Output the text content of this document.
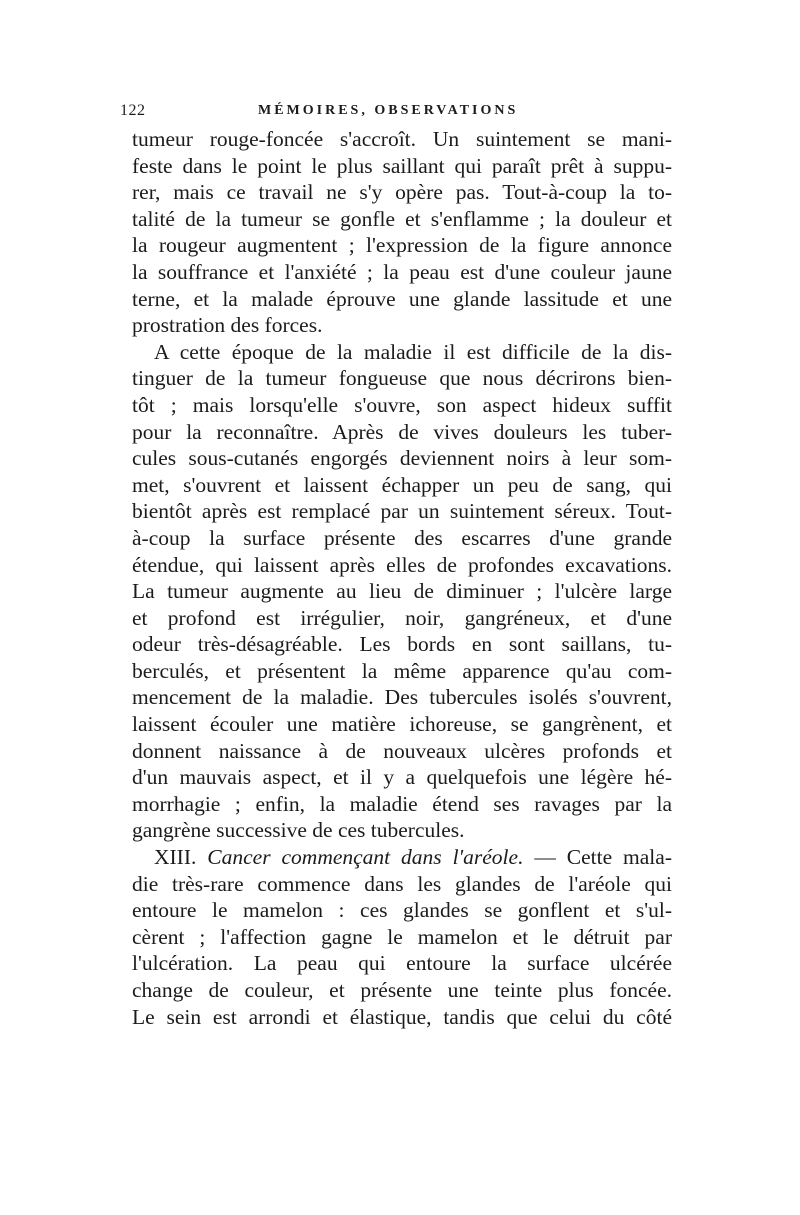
122	MÉMOIRES, OBSERVATIONS
tumeur rouge-foncée s'accroît. Un suintement se mani-
feste dans le point le plus saillant qui paraît prêt à suppu-
rer, mais ce travail ne s'y opère pas. Tout-à-coup la to-
talité de la tumeur se gonfle et s'enflamme ; la douleur et
la rougeur augmentent ; l'expression de la figure annonce
la souffrance et l'anxiété ; la peau est d'une couleur jaune
terne, et la malade éprouve une glande lassitude et une
prostration des forces.
A cette époque de la maladie il est difficile de la dis-
tinguer de la tumeur fongueuse que nous décrirons bien-
tôt ; mais lorsqu'elle s'ouvre, son aspect hideux suffit
pour la reconnaître. Après de vives douleurs les tuber-
cules sous-cutanés engorgés deviennent noirs à leur som-
met, s'ouvrent et laissent échapper un peu de sang, qui
bientôt après est remplacé par un suintement séreux. Tout-
à-coup la surface présente des escarres d'une grande
étendue, qui laissent après elles de profondes excavations.
La tumeur augmente au lieu de diminuer ; l'ulcère large
et profond est irrégulier, noir, gangréneux, et d'une
odeur très-désagréable. Les bords en sont saillans, tu-
berculés, et présentent la même apparence qu'au com-
mencement de la maladie. Des tubercules isolés s'ouvrent,
laissent écouler une matière ichoreuse, se gangrènent, et
donnent naissance à de nouveaux ulcères profonds et
d'un mauvais aspect, et il y a quelquefois une légère hé-
morrhagie ; enfin, la maladie étend ses ravages par la
gangrène successive de ces tubercules.
XIII. Cancer commençant dans l'aréole. — Cette mala-
die très-rare commence dans les glandes de l'aréole qui
entoure le mamelon : ces glandes se gonflent et s'ul-
cèrent ; l'affection gagne le mamelon et le détruit par
l'ulcération. La peau qui entoure la surface ulcérée
change de couleur, et présente une teinte plus foncée.
Le sein est arrondi et élastique, tandis que celui du côté
